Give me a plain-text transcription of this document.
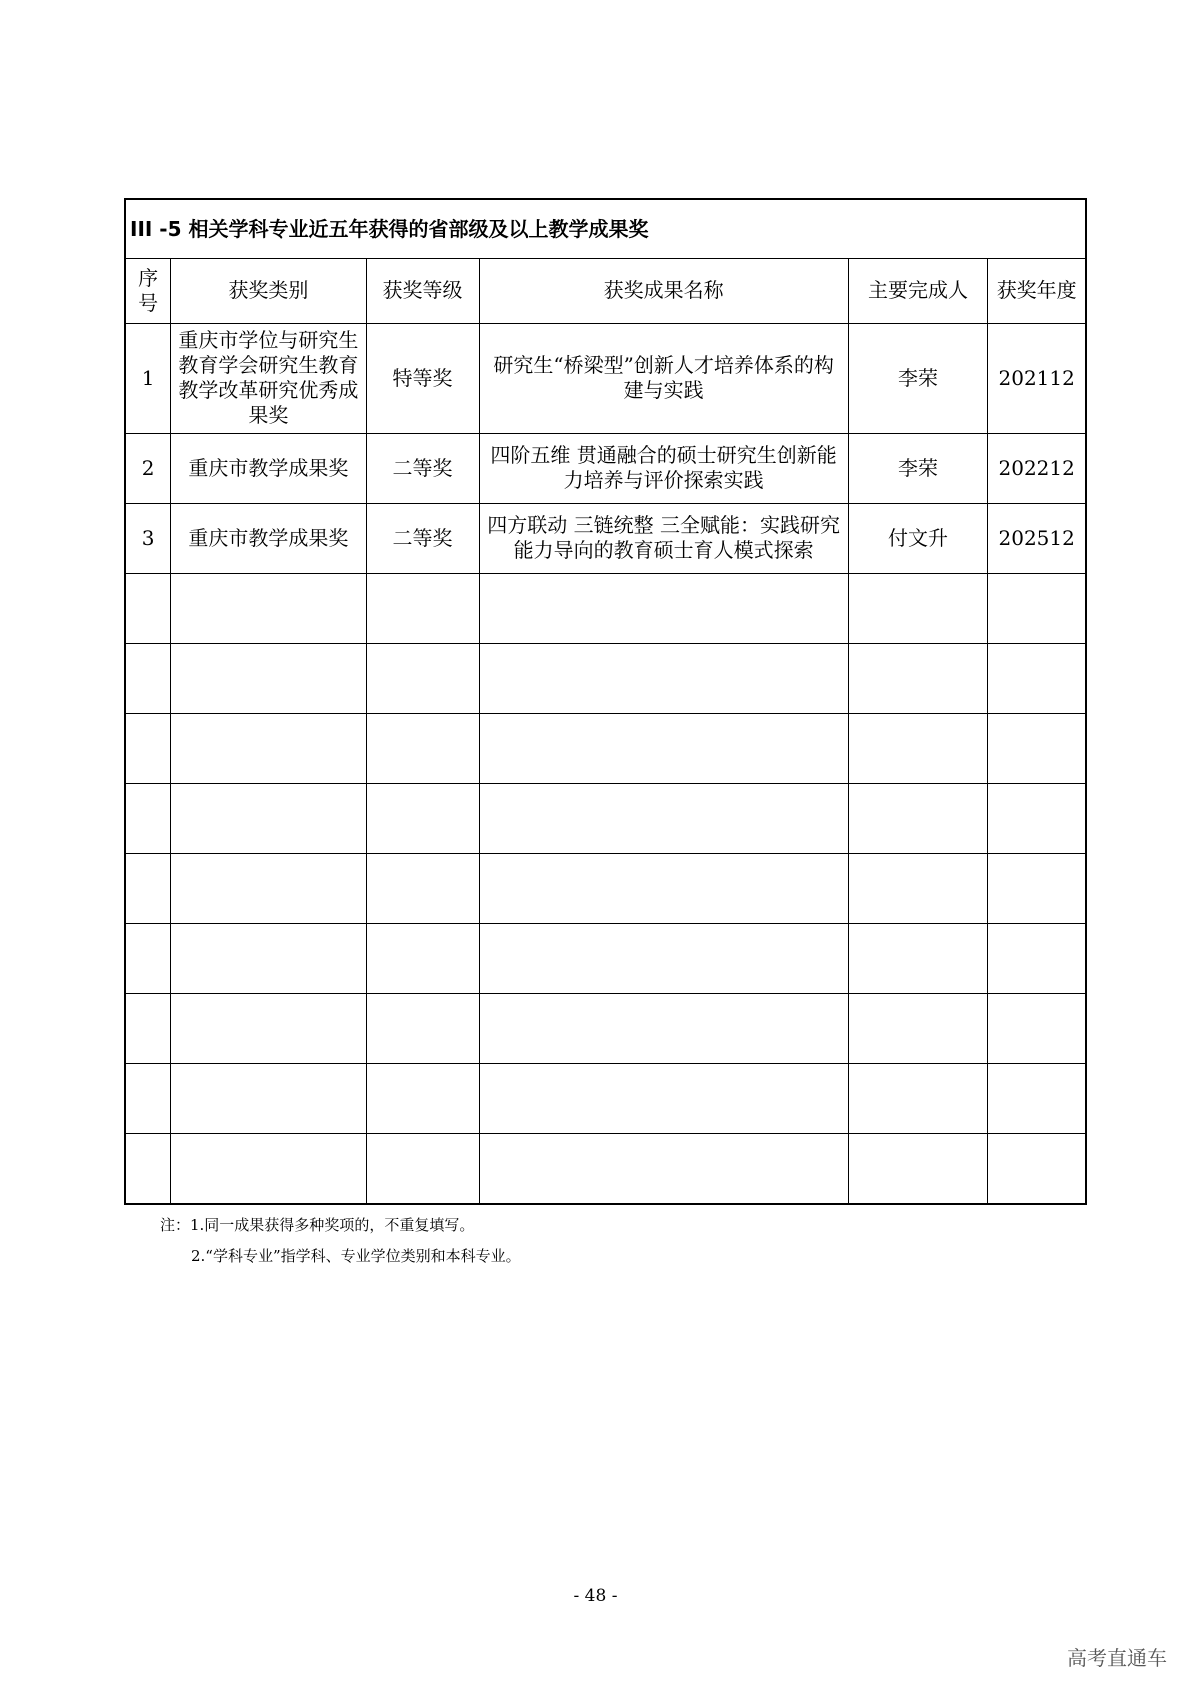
III -5 相关学科专业近五年获得的省部级及以上教学成果奖
序号	获奖类别	获奖等级	获奖成果名称	主要完成人	获奖年度
1	重庆市学位与研究生教育学会研究生教育教学改革研究优秀成果奖	特等奖	研究生“桥梁型”创新人才培养体系的构建与实践	李荣	202112
2	重庆市教学成果奖	二等奖	四阶五维 贯通融合的硕士研究生创新能力培养与评价探索实践	李荣	202212
3	重庆市教学成果奖	二等奖	四方联动 三链统整 三全赋能：实践研究能力导向的教育硕士育人模式探索	付文升	202512

注：1.同一成果获得多种奖项的，不重复填写。
2.“学科专业”指学科、专业学位类别和本科专业。
- 48 -
高考直通车
